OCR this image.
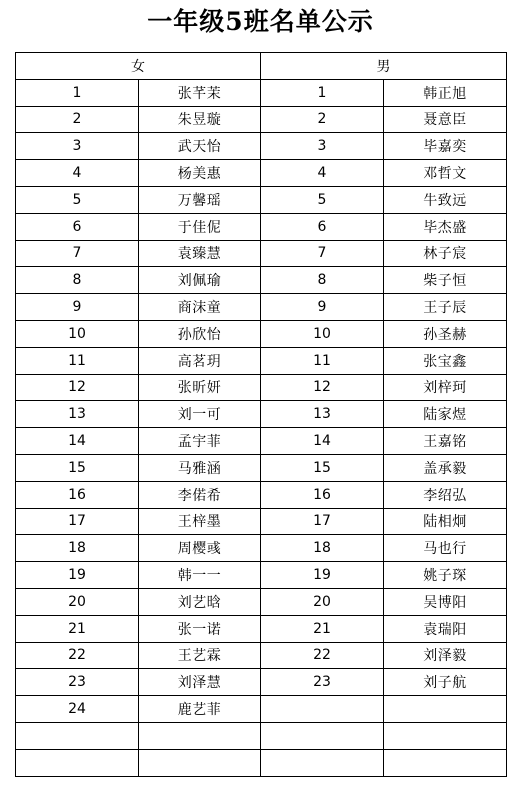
一年级5班名单公示
女		男	
1	张芊茉	1	韩正旭
2	朱昱璇	2	聂意臣
3	武天怡	3	毕嘉奕
4	杨美惠	4	邓哲文
5	万馨瑶	5	牛致远
6	于佳伲	6	毕杰盛
7	袁臻慧	7	林子宸
8	刘佩瑜	8	柴子恒
9	商沫童	9	王子辰
10	孙欣怡	10	孙圣赫
11	高茗玥	11	张宝鑫
12	张昕妍	12	刘梓珂
13	刘一可	13	陆家煜
14	孟宇菲	14	王嘉铭
15	马雅涵	15	盖承毅
16	李偌希	16	李绍弘
17	王梓墨	17	陆相炯
18	周樱彧	18	马也行
19	韩一一	19	姚子琛
20	刘艺晗	20	吴博阳
21	张一诺	21	袁瑞阳
22	王艺霖	22	刘泽毅
23	刘泽慧	23	刘子航
24	鹿艺菲		
